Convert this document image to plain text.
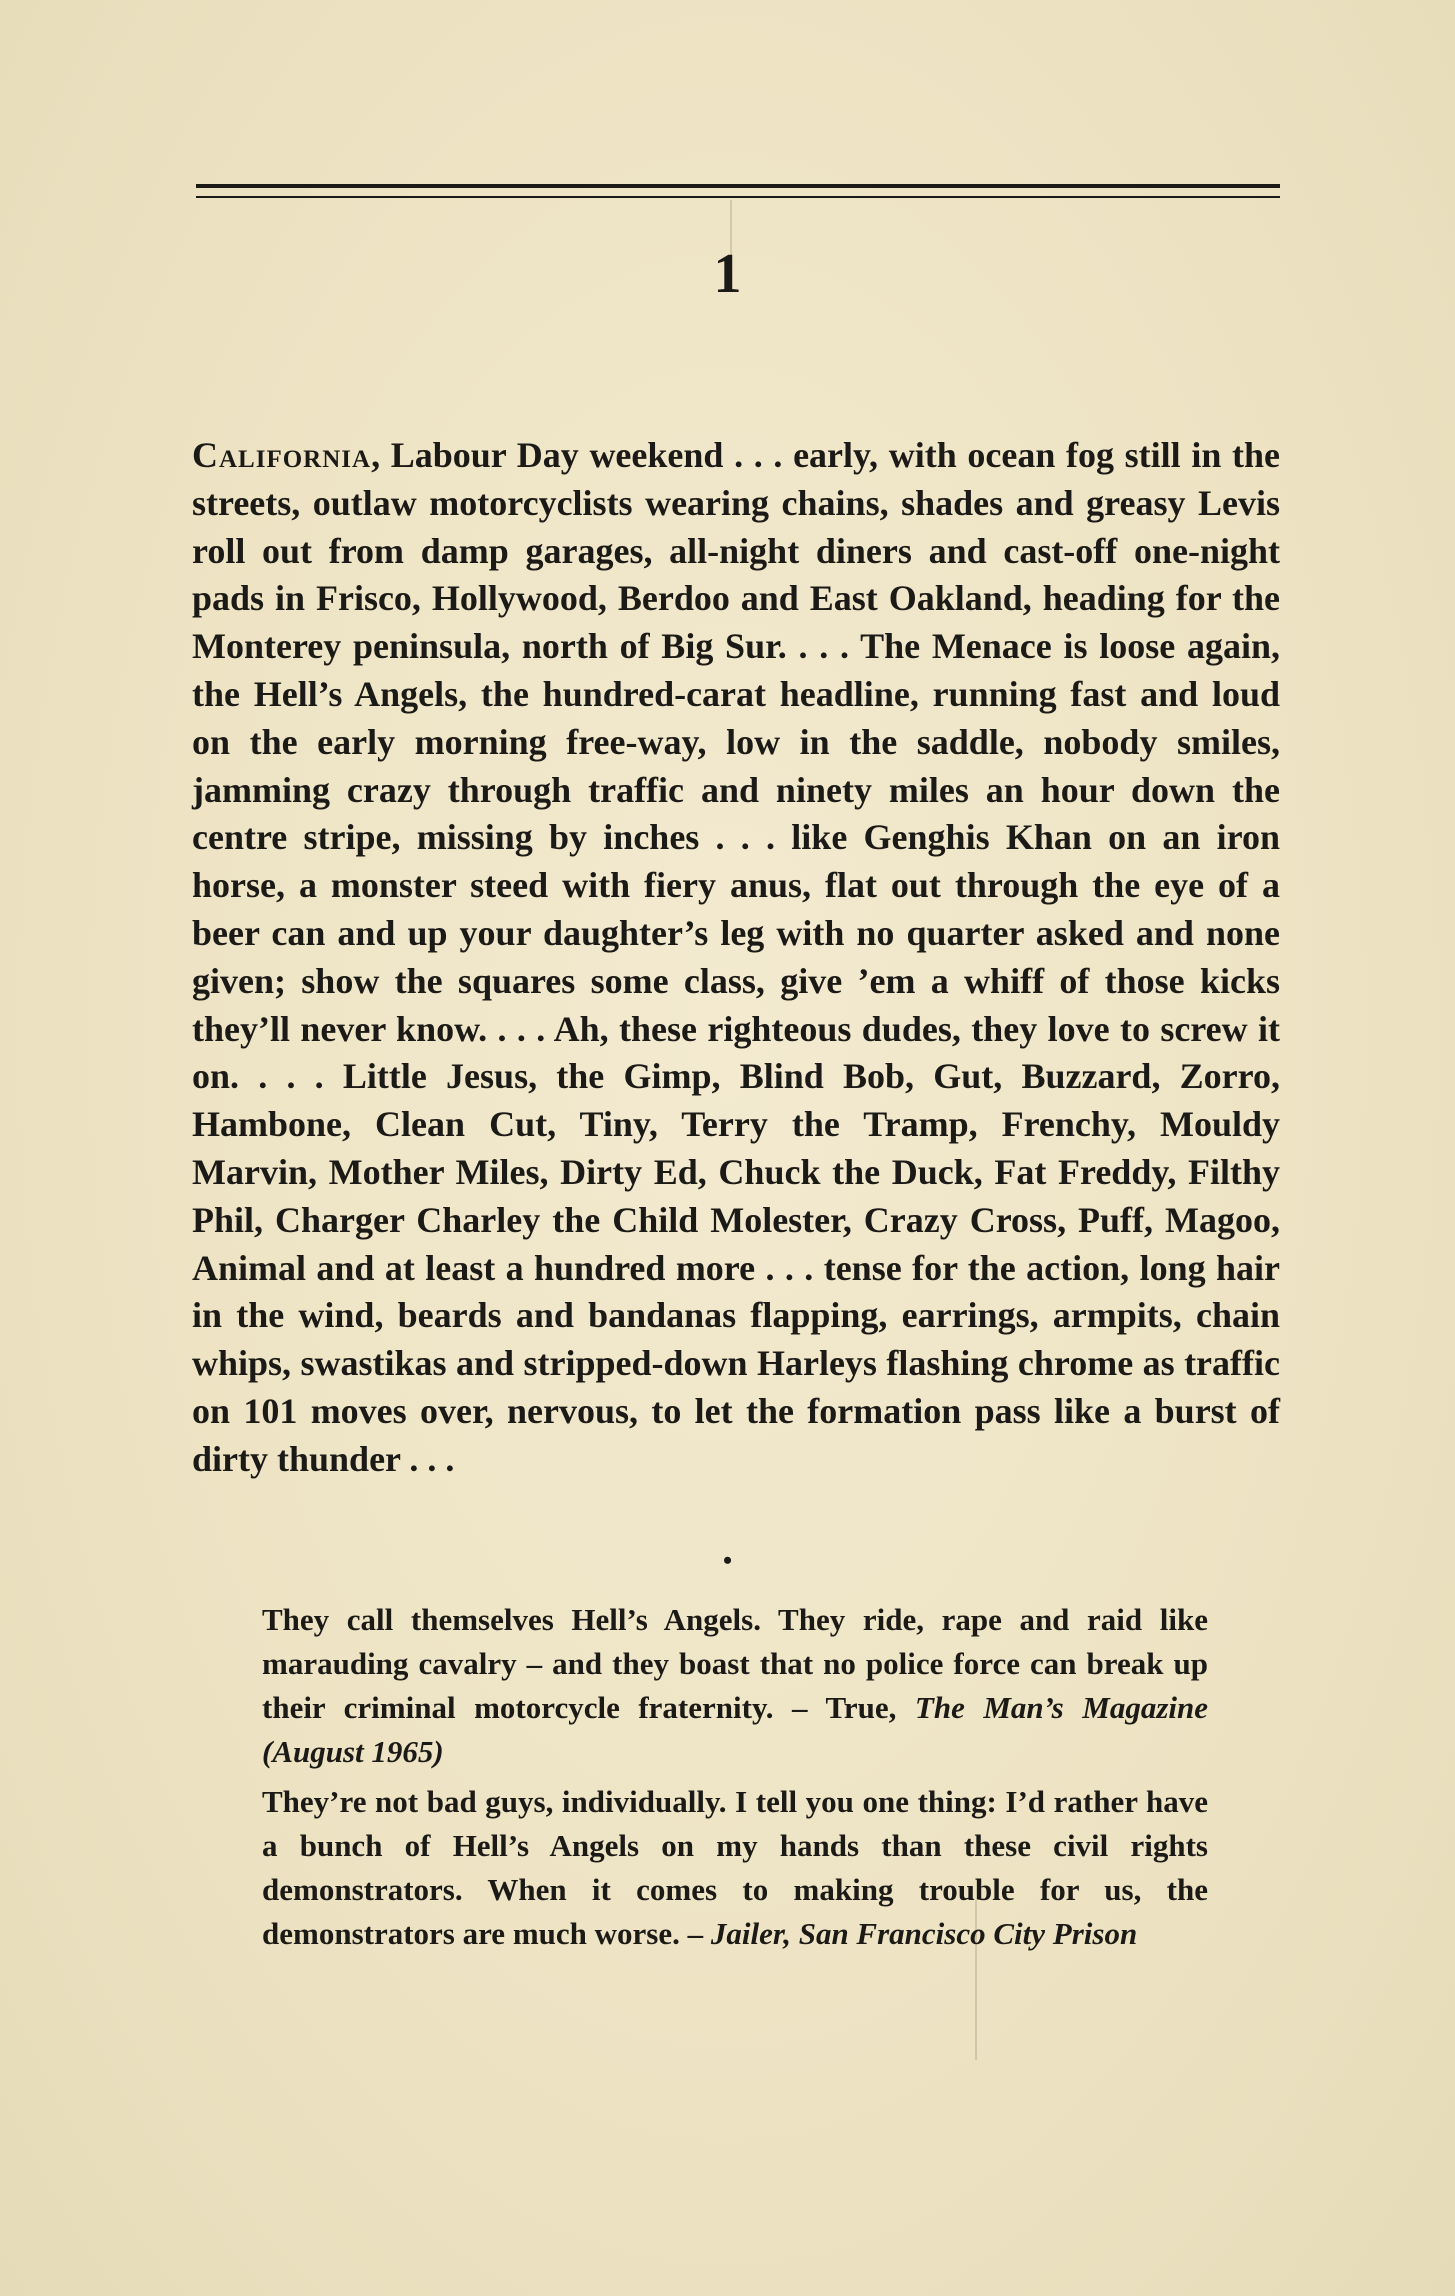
1

California, Labour Day weekend . . . early, with ocean fog still in the streets, outlaw motorcyclists wearing chains, shades and greasy Levis roll out from damp garages, all-night diners and cast-off one-night pads in Frisco, Hollywood, Berdoo and East Oakland, heading for the Monterey peninsula, north of Big Sur. . . . The Menace is loose again, the Hell’s Angels, the hundred-carat headline, running fast and loud on the early morning free-way, low in the saddle, nobody smiles, jamming crazy through traffic and ninety miles an hour down the centre stripe, missing by inches . . . like Genghis Khan on an iron horse, a monster steed with fiery anus, flat out through the eye of a beer can and up your daughter’s leg with no quarter asked and none given; show the squares some class, give ’em a whiff of those kicks they’ll never know. . . . Ah, these righteous dudes, they love to screw it on. . . . Little Jesus, the Gimp, Blind Bob, Gut, Buzzard, Zorro, Hambone, Clean Cut, Tiny, Terry the Tramp, Frenchy, Mouldy Marvin, Mother Miles, Dirty Ed, Chuck the Duck, Fat Freddy, Filthy Phil, Charger Charley the Child Molester, Crazy Cross, Puff, Magoo, Animal and at least a hundred more . . . tense for the action, long hair in the wind, beards and bandanas flapping, earrings, armpits, chain whips, swastikas and stripped-down Harleys flashing chrome as traffic on 101 moves over, nervous, to let the formation pass like a burst of dirty thunder . . .

•

They call themselves Hell’s Angels. They ride, rape and raid like marauding cavalry – and they boast that no police force can break up their criminal motorcycle fraternity. – True, The Man’s Magazine (August 1965)

They’re not bad guys, individually. I tell you one thing: I’d rather have a bunch of Hell’s Angels on my hands than these civil rights demonstrators. When it comes to making trouble for us, the demonstrators are much worse. – Jailer, San Francisco City Prison
